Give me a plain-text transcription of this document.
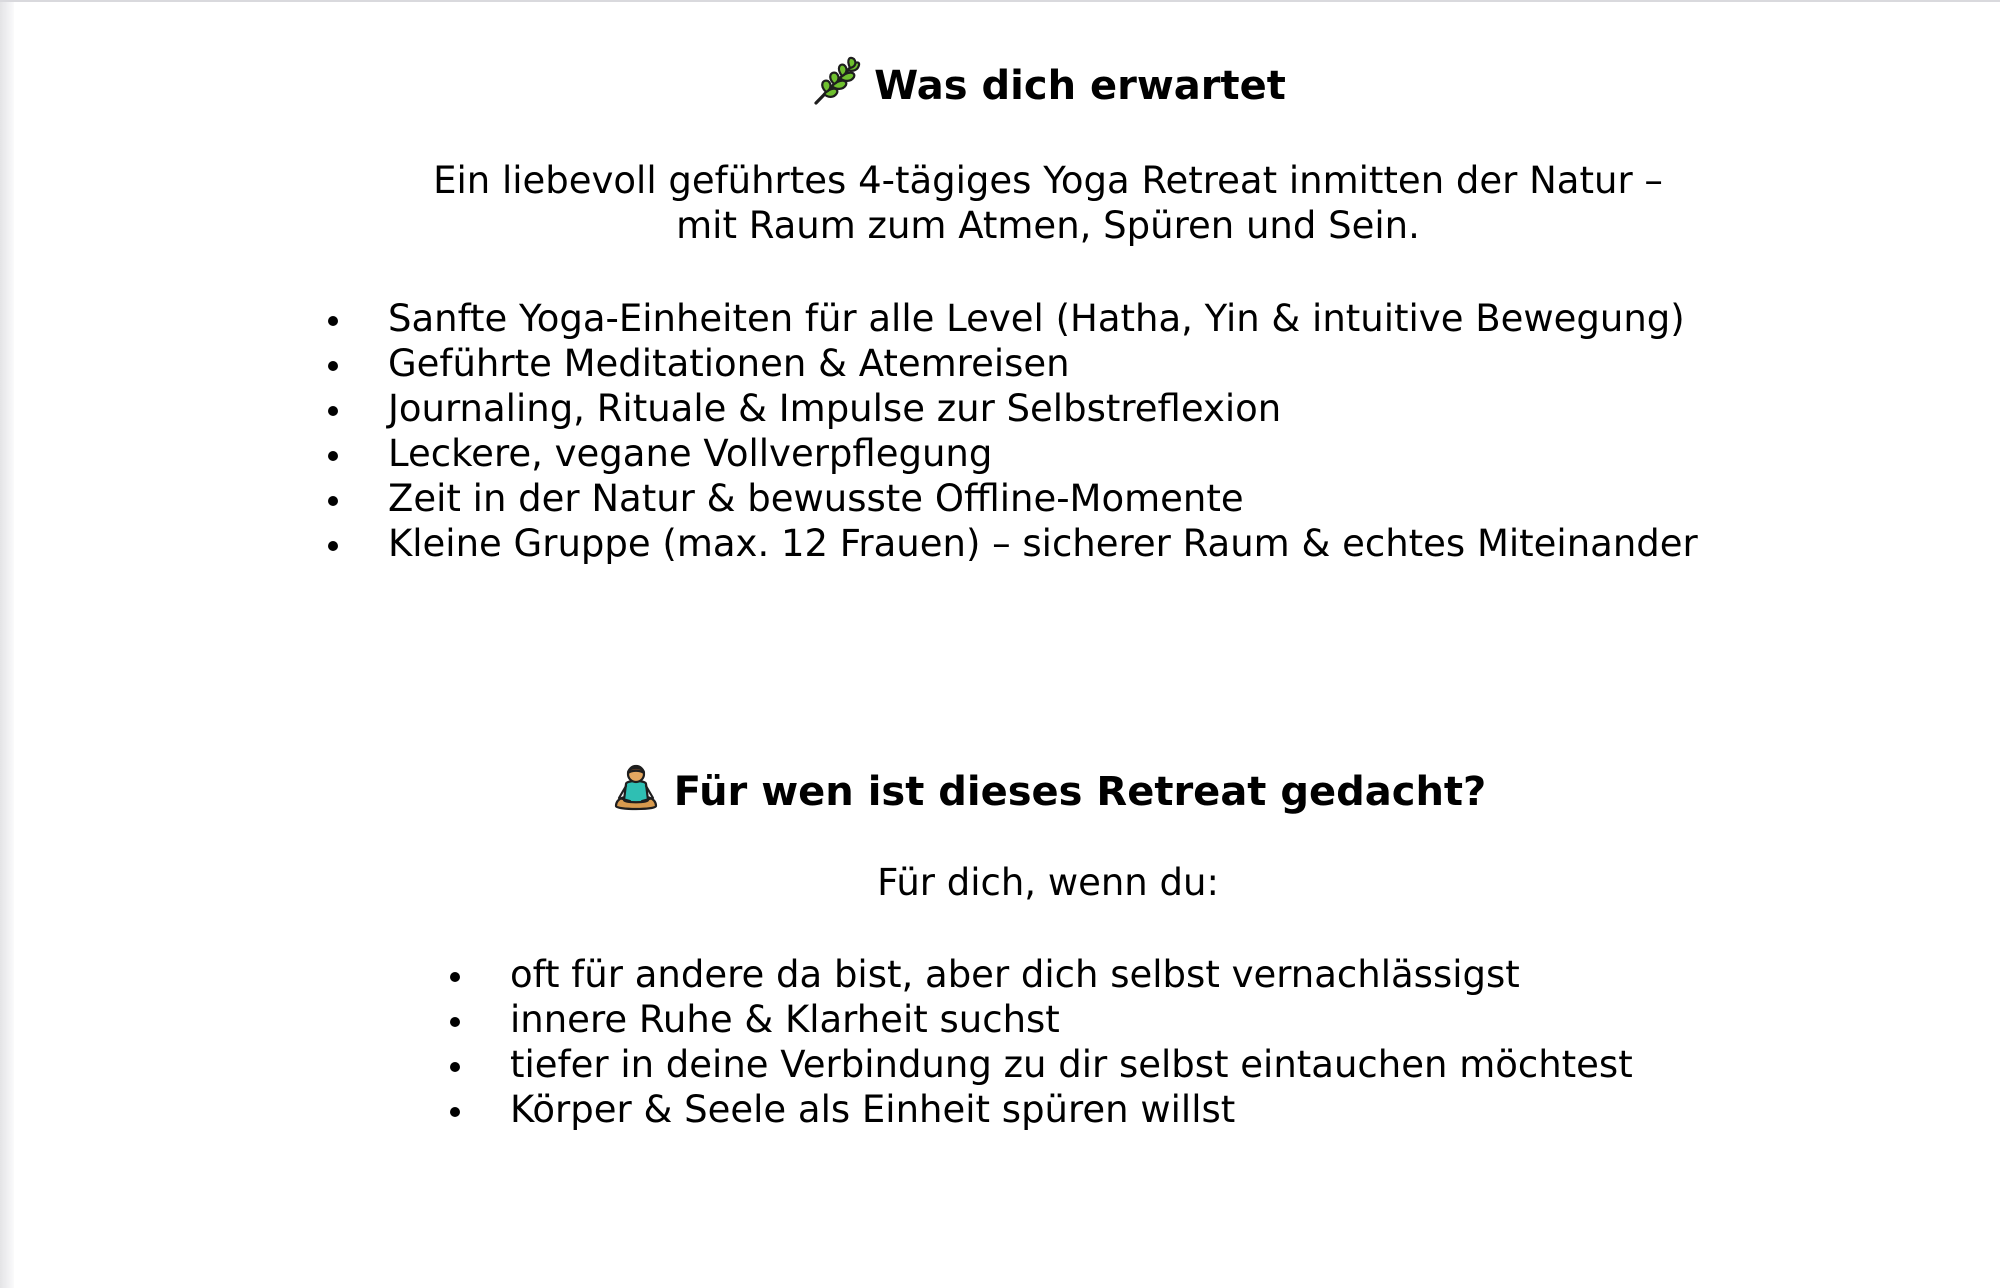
Was dich erwartet
Ein liebevoll geführtes 4-tägiges Yoga Retreat inmitten der Natur –
mit Raum zum Atmen, Spüren und Sein.
Sanfte Yoga-Einheiten für alle Level (Hatha, Yin & intuitive Bewegung)
Geführte Meditationen & Atemreisen
Journaling, Rituale & Impulse zur Selbstreflexion
Leckere, vegane Vollverpflegung
Zeit in der Natur & bewusste Offline-Momente
Kleine Gruppe (max. 12 Frauen) – sicherer Raum & echtes Miteinander
Für wen ist dieses Retreat gedacht?
Für dich, wenn du:
oft für andere da bist, aber dich selbst vernachlässigst
innere Ruhe & Klarheit suchst
tiefer in deine Verbindung zu dir selbst eintauchen möchtest
Körper & Seele als Einheit spüren willst
